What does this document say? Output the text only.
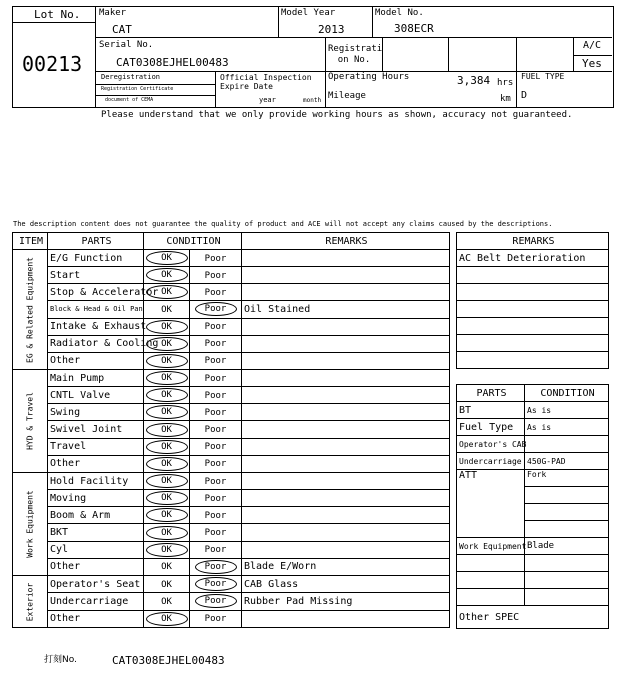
Lot No.
00213
Maker
CAT
Model Year
2013
Model No.
308ECR
Serial No.
CAT0308EJHEL00483
Registrati on No.
A/C
Yes
Deregistration
Registration Certificate
document of CEMA
Official Inspection Expire Date
year	month
Operating Hours	3,384 hrs
Mileage	km
FUEL TYPE
D
Please understand that we only provide working hours as shown, accuracy not guaranteed.
The description content does not guarantee the quality of product and ACE will not accept any claims caused by the descriptions.
ITEM	PARTS	CONDITION		REMARKS

EG & Related Equipment	E/G Function	OK	Poor	
	Start	OK	Poor	
	Stop & Accelerator	OK	Poor	
	Block & Head & Oil Pan	OK	Poor	Oil Stained
	Intake & Exhaust	OK	Poor	
	Radiator & Cooling	OK	Poor	
	Other	OK	Poor	

HYD & Travel	Main Pump	OK	Poor	
	CNTL Valve	OK	Poor	
	Swing	OK	Poor	
	Swivel Joint	OK	Poor	
	Travel	OK	Poor	
	Other	OK	Poor	

Work Equipment	Hold Facility	OK	Poor	
	Moving	OK	Poor	
	Boom & Arm	OK	Poor	
	BKT	OK	Poor	
	Cyl	OK	Poor	
	Other	OK	Poor	Blade E/Worn

Exterior	Operator's Seat	OK	Poor	CAB Glass
	Undercarriage	OK	Poor	Rubber Pad Missing
	Other	OK	Poor	
REMARKS
AC Belt Deterioration

PARTS	CONDITION
BT	As is
Fuel Type	As is
Operator's CAB	
Undercarriage	450G-PAD
ATT	Fork

Work Equipment	Blade

Other SPEC	
打刻No.	CAT0308EJHEL00483
